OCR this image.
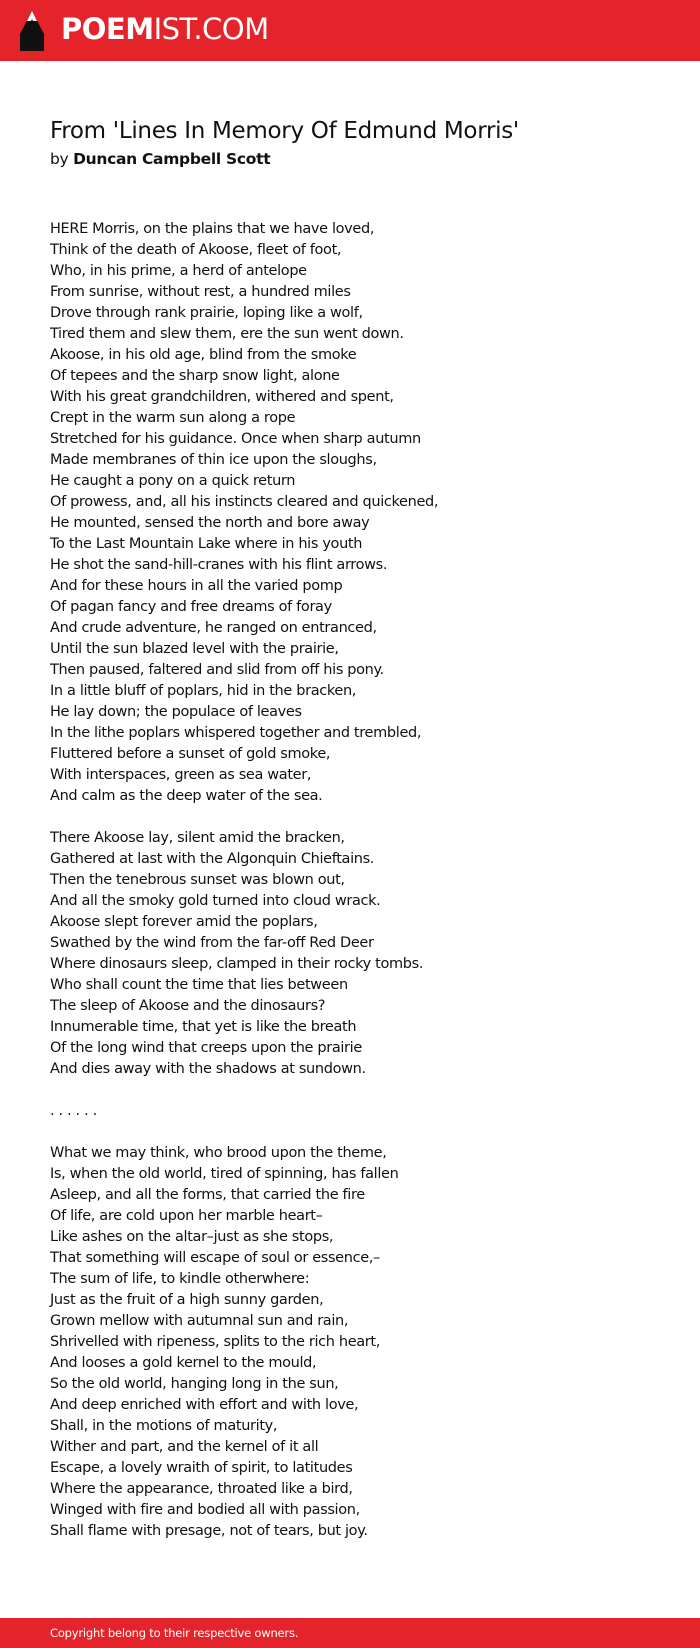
POEMIST.COM
From 'Lines In Memory Of Edmund Morris'
by Duncan Campbell Scott
HERE Morris, on the plains that we have loved,
Think of the death of Akoose, fleet of foot,
Who, in his prime, a herd of antelope
From sunrise, without rest, a hundred miles
Drove through rank prairie, loping like a wolf,
Tired them and slew them, ere the sun went down.
Akoose, in his old age, blind from the smoke
Of tepees and the sharp snow light, alone
With his great grandchildren, withered and spent,
Crept in the warm sun along a rope
Stretched for his guidance. Once when sharp autumn
Made membranes of thin ice upon the sloughs,
He caught a pony on a quick return
Of prowess, and, all his instincts cleared and quickened,
He mounted, sensed the north and bore away
To the Last Mountain Lake where in his youth
He shot the sand-hill-cranes with his flint arrows.
And for these hours in all the varied pomp
Of pagan fancy and free dreams of foray
And crude adventure, he ranged on entranced,
Until the sun blazed level with the prairie,
Then paused, faltered and slid from off his pony.
In a little bluff of poplars, hid in the bracken,
He lay down; the populace of leaves
In the lithe poplars whispered together and trembled,
Fluttered before a sunset of gold smoke,
With interspaces, green as sea water,
And calm as the deep water of the sea.
There Akoose lay, silent amid the bracken,
Gathered at last with the Algonquin Chieftains.
Then the tenebrous sunset was blown out,
And all the smoky gold turned into cloud wrack.
Akoose slept forever amid the poplars,
Swathed by the wind from the far-off Red Deer
Where dinosaurs sleep, clamped in their rocky tombs.
Who shall count the time that lies between
The sleep of Akoose and the dinosaurs?
Innumerable time, that yet is like the breath
Of the long wind that creeps upon the prairie
And dies away with the shadows at sundown.
. . . . . .
What we may think, who brood upon the theme,
Is, when the old world, tired of spinning, has fallen
Asleep, and all the forms, that carried the fire
Of life, are cold upon her marble heart–
Like ashes on the altar–just as she stops,
That something will escape of soul or essence,–
The sum of life, to kindle otherwhere:
Just as the fruit of a high sunny garden,
Grown mellow with autumnal sun and rain,
Shrivelled with ripeness, splits to the rich heart,
And looses a gold kernel to the mould,
So the old world, hanging long in the sun,
And deep enriched with effort and with love,
Shall, in the motions of maturity,
Wither and part, and the kernel of it all
Escape, a lovely wraith of spirit, to latitudes
Where the appearance, throated like a bird,
Winged with fire and bodied all with passion,
Shall flame with presage, not of tears, but joy.
Copyright belong to their respective owners.
